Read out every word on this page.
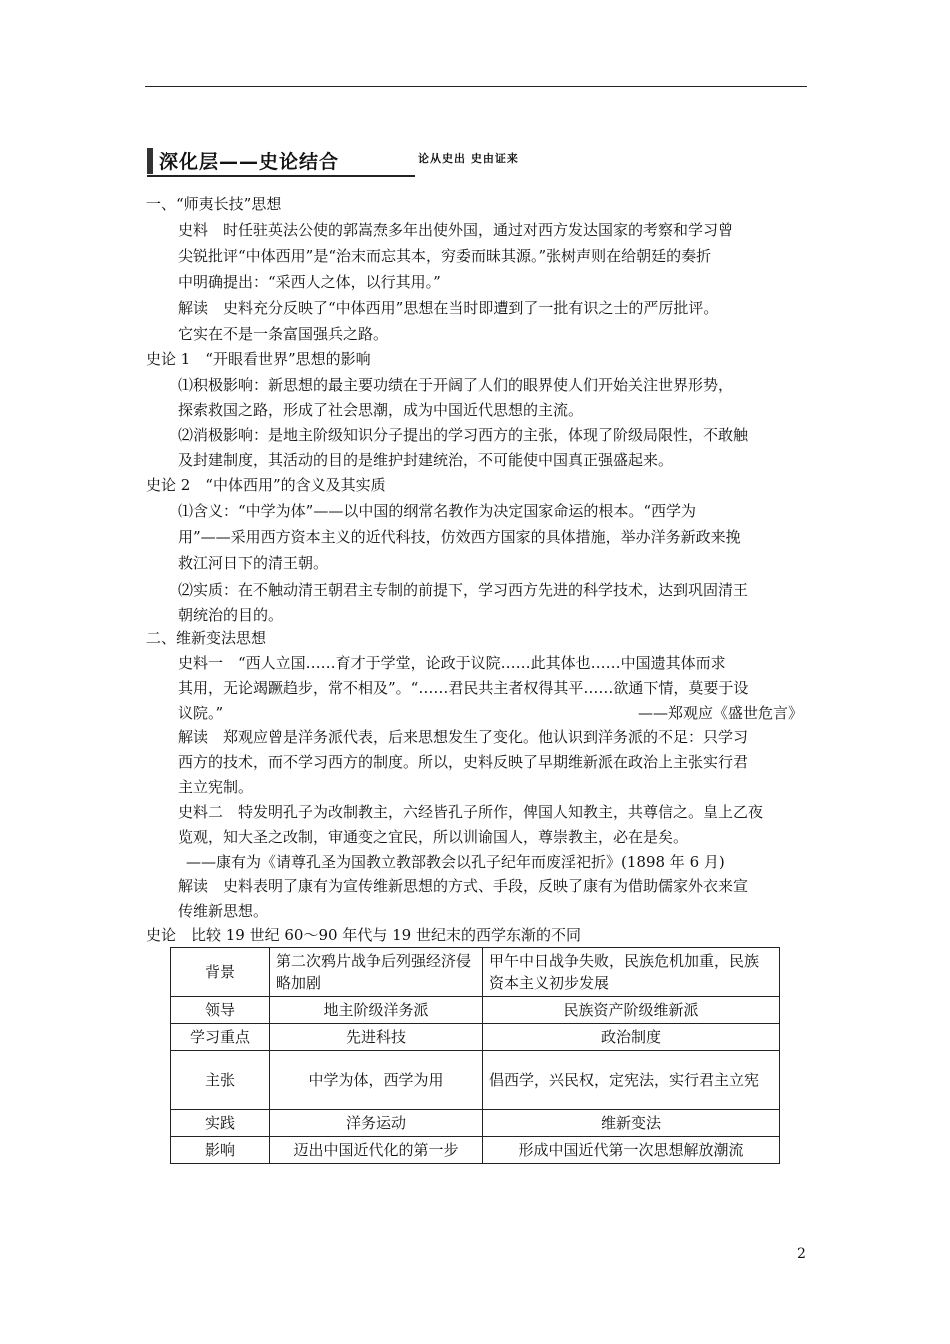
深化层——史论结合	论从史出 史由证来
一、“师夷长技”思想
史料　时任驻英法公使的郭嵩焘多年出使外国，通过对西方发达国家的考察和学习曾
尖锐批评“中体西用”是“治末而忘其本，穷委而昧其源。”张树声则在给朝廷的奏折
中明确提出：“采西人之体，以行其用。”
解读　史料充分反映了“中体西用”思想在当时即遭到了一批有识之士的严厉批评。
它实在不是一条富国强兵之路。
史论 1　“开眼看世界”思想的影响
⑴积极影响：新思想的最主要功绩在于开阔了人们的眼界使人们开始关注世界形势，
探索救国之路，形成了社会思潮，成为中国近代思想的主流。
⑵消极影响：是地主阶级知识分子提出的学习西方的主张，体现了阶级局限性，不敢触
及封建制度，其活动的目的是维护封建统治，不可能使中国真正强盛起来。
史论 2　“中体西用”的含义及其实质
⑴含义：“中学为体”——以中国的纲常名教作为决定国家命运的根本。“西学为
用”——采用西方资本主义的近代科技，仿效西方国家的具体措施，举办洋务新政来挽
救江河日下的清王朝。
⑵实质：在不触动清王朝君主专制的前提下，学习西方先进的科学技术，达到巩固清王
朝统治的目的。
二、维新变法思想
史料一　“西人立国……育才于学堂，论政于议院……此其体也……中国遗其体而求
其用，无论竭蹶趋步，常不相及”。“……君民共主者权得其平……欲通下情，莫要于设
议院。”	——郑观应《盛世危言》
解读　郑观应曾是洋务派代表，后来思想发生了变化。他认识到洋务派的不足：只学习
西方的技术，而不学习西方的制度。所以，史料反映了早期维新派在政治上主张实行君
主立宪制。
史料二　特发明孔子为改制教主，六经皆孔子所作，俾国人知教主，共尊信之。皇上乙夜
览观，知大圣之改制，审通变之宜民，所以训谕国人，尊崇教主，必在是矣。
——康有为《请尊孔圣为国教立教部教会以孔子纪年而废淫祀折》(1898 年 6 月)
解读　史料表明了康有为宣传维新思想的方式、手段，反映了康有为借助儒家外衣来宣
传维新思想。
史论　比较 19 世纪 60～90 年代与 19 世纪末的西学东渐的不同
背景	第二次鸦片战争后列强经济侵略加剧	甲午中日战争失败，民族危机加重，民族资本主义初步发展
领导	地主阶级洋务派	民族资产阶级维新派
学习重点	先进科技	政治制度
主张	中学为体，西学为用	倡西学，兴民权，定宪法，实行君主立宪
实践	洋务运动	维新变法
影响	迈出中国近代化的第一步	形成中国近代第一次思想解放潮流
2
